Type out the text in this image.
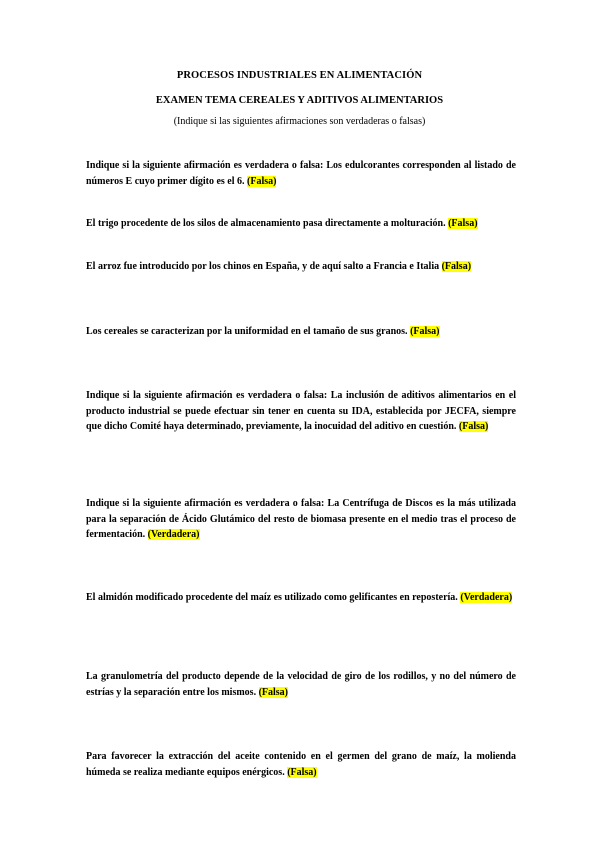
PROCESOS INDUSTRIALES EN ALIMENTACIÓN
EXAMEN TEMA CEREALES Y ADITIVOS ALIMENTARIOS
(Indique si las siguientes afirmaciones son verdaderas o falsas)

Indique si la siguiente afirmación es verdadera o falsa: Los edulcorantes corresponden al listado de números E cuyo primer dígito es el 6. (Falsa)

El trigo procedente de los silos de almacenamiento pasa directamente a molturación. (Falsa)

El arroz fue introducido por los chinos en España, y de aquí salto a Francia e Italia (Falsa)

Los cereales se caracterizan por la uniformidad en el tamaño de sus granos. (Falsa)

Indique si la siguiente afirmación es verdadera o falsa: La inclusión de aditivos alimentarios en el producto industrial se puede efectuar sin tener en cuenta su IDA, establecida por JECFA, siempre que dicho Comité haya determinado, previamente, la inocuidad del aditivo en cuestión. (Falsa)

Indique si la siguiente afirmación es verdadera o falsa: La Centrífuga de Discos es la más utilizada para la separación de Ácido Glutámico del resto de biomasa presente en el medio tras el proceso de fermentación. (Verdadera)

El almidón modificado procedente del maíz es utilizado como gelificantes en repostería. (Verdadera)

La granulometría del producto depende de la velocidad de giro de los rodillos, y no del número de estrías y la separación entre los mismos. (Falsa)

Para favorecer la extracción del aceite contenido en el germen del grano de maíz, la molienda húmeda se realiza mediante equipos enérgicos. (Falsa)
